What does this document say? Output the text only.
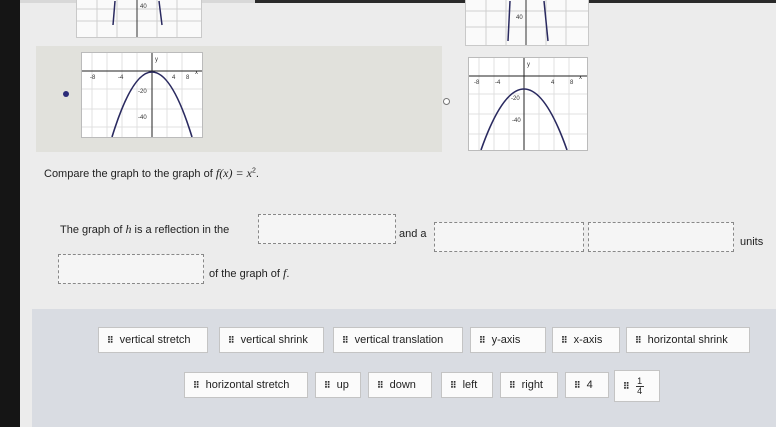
40
40
-8	-4	4 8
x
y
-20
-40
-8	-4	4	8
x
y
-20
-40
Compare the graph to the graph of $f(x) = x^2$.
The graph of h is a reflection in the	and a
units
of the graph of f.
⠿ vertical stretch	⠿ vertical shrink	⠿ vertical translation	⠿ y-axis	⠿ x-axis	⠿ horizontal shrink
⠿ horizontal stretch	⠿ up	⠿ down	⠿ left	⠿ right	⠿ 4	⠿ $\frac{1}{4}$
